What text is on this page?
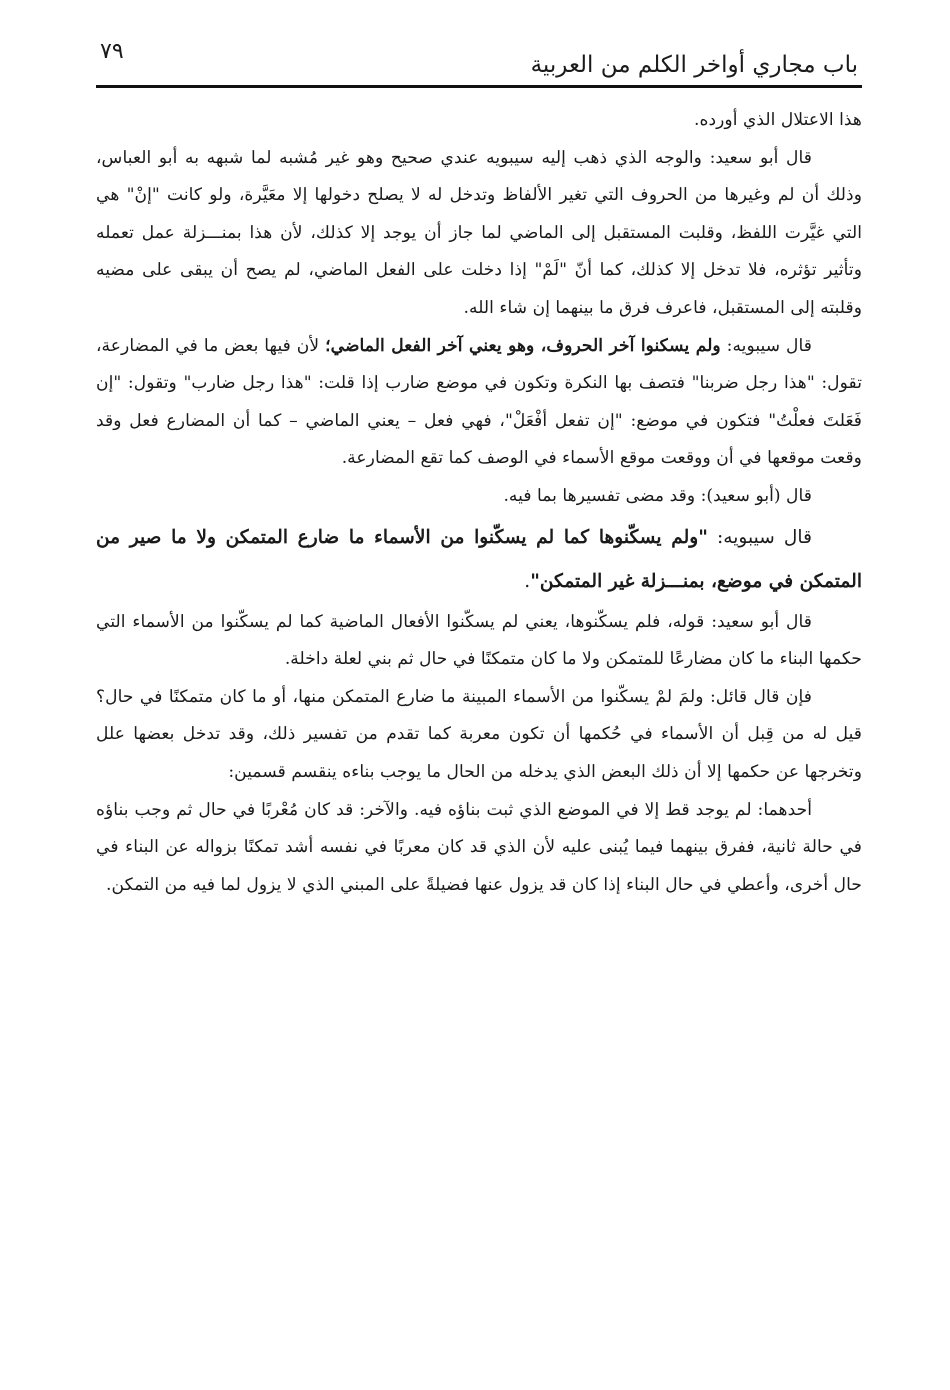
باب مجاري أواخر الكلم من العربية
٧٩

هذا الاعتلال الذي أورده.

قال أبو سعيد: والوجه الذي ذهب إليه سيبويه عندي صحيح وهو غير مُشبه لما شبهه به أبو العباس، وذلك أن لم وغيرها من الحروف التي تغير الألفاظ وتدخل له لا يصلح دخولها إلا معَيَّرة، ولو كانت "إنْ" هي التي غيَّرت اللفظ، وقلبت المستقبل إلى الماضي لما جاز أن يوجد إلا كذلك، لأن هذا بمنـــزلة عمل تعمله وتأثير تؤثره، فلا تدخل إلا كذلك، كما أنّ "لَمْ" إذا دخلت على الفعل الماضي، لم يصح أن يبقى على مضيه وقلبته إلى المستقبل، فاعرف فرق ما بينهما إن شاء الله.

قال سيبويه: ولم يسكنوا آخر الحروف، وهو يعني آخر الفعل الماضي؛ لأن فيها بعض ما في المضارعة، تقول: "هذا رجل ضربنا" فتصف بها النكرة وتكون في موضع ضارب إذا قلت: "هذا رجل ضارب" وتقول: "إن فَعَلتَ فعلْتُ" فتكون في موضع: "إن تفعل أفْعَلْ"، فهي فعل – يعني الماضي – كما أن المضارع فعل وقد وقعت موقعها في أن ووقعت موقع الأسماء في الوصف كما تقع المضارعة.

قال (أبو سعيد): وقد مضى تفسيرها بما فيه.

قال سيبويه: "ولم يسكّنوها كما لم يسكّنوا من الأسماء ما ضارع المتمكن ولا ما صير من المتمكن في موضع، بمنـــزلة غير المتمكن".

قال أبو سعيد: قوله، فلم يسكّنوها، يعني لم يسكّنوا الأفعال الماضية كما لم يسكّنوا من الأسماء التي حكمها البناء ما كان مضارعًا للمتمكن ولا ما كان متمكنًا في حال ثم بني لعلة داخلة.

فإن قال قائل: ولمَ لمْ يسكّنوا من الأسماء المبينة ما ضارع المتمكن منها، أو ما كان متمكنًا في حال؟ قيل له من قِبل أن الأسماء في حُكمها أن تكون معربة كما تقدم من تفسير ذلك، وقد تدخل بعضها علل وتخرجها عن حكمها إلا أن ذلك البعض الذي يدخله من الحال ما يوجب بناءه ينقسم قسمين:

أحدهما: لم يوجد قط إلا في الموضع الذي ثبت بناؤه فيه. والآخر: قد كان مُعْربًا في حال ثم وجب بناؤه في حالة ثانية، ففرق بينهما فيما يُبنى عليه لأن الذي قد كان معربًا في نفسه أشد تمكنًا بزواله عن البناء في حال أخرى، وأعطي في حال البناء إذا كان قد يزول عنها فضيلةً على المبني الذي لا يزول لما فيه من التمكن.
